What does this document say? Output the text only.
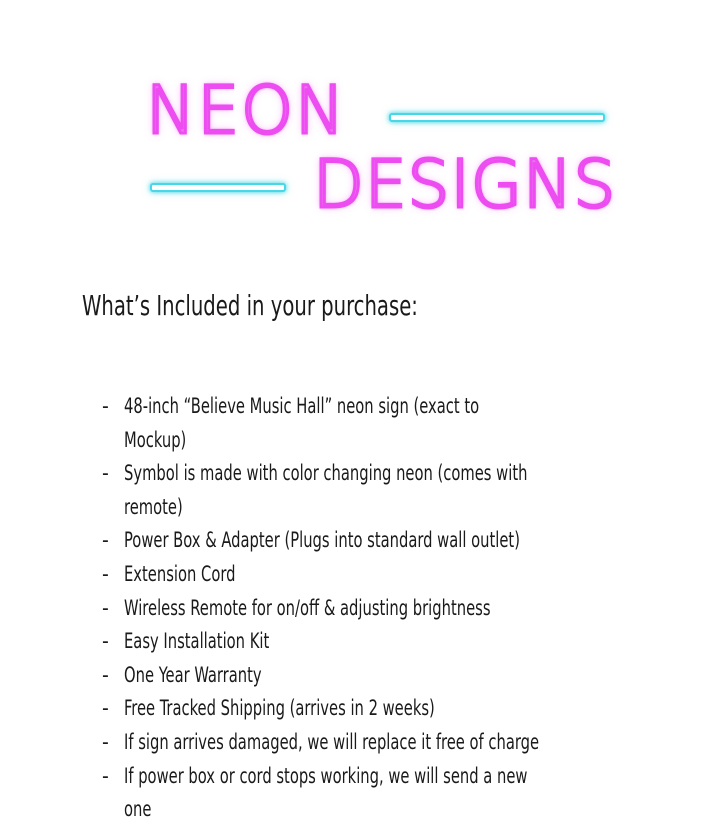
NEON
DESIGNS
What’s Included in your purchase:
- 48-inch “Believe Music Hall” neon sign (exact to Mockup)
- Symbol is made with color changing neon (comes with remote)
- Power Box & Adapter (Plugs into standard wall outlet)
- Extension Cord
- Wireless Remote for on/off & adjusting brightness
- Easy Installation Kit
- One Year Warranty
- Free Tracked Shipping (arrives in 2 weeks)
- If sign arrives damaged, we will replace it free of charge
- If power box or cord stops working, we will send a new one
